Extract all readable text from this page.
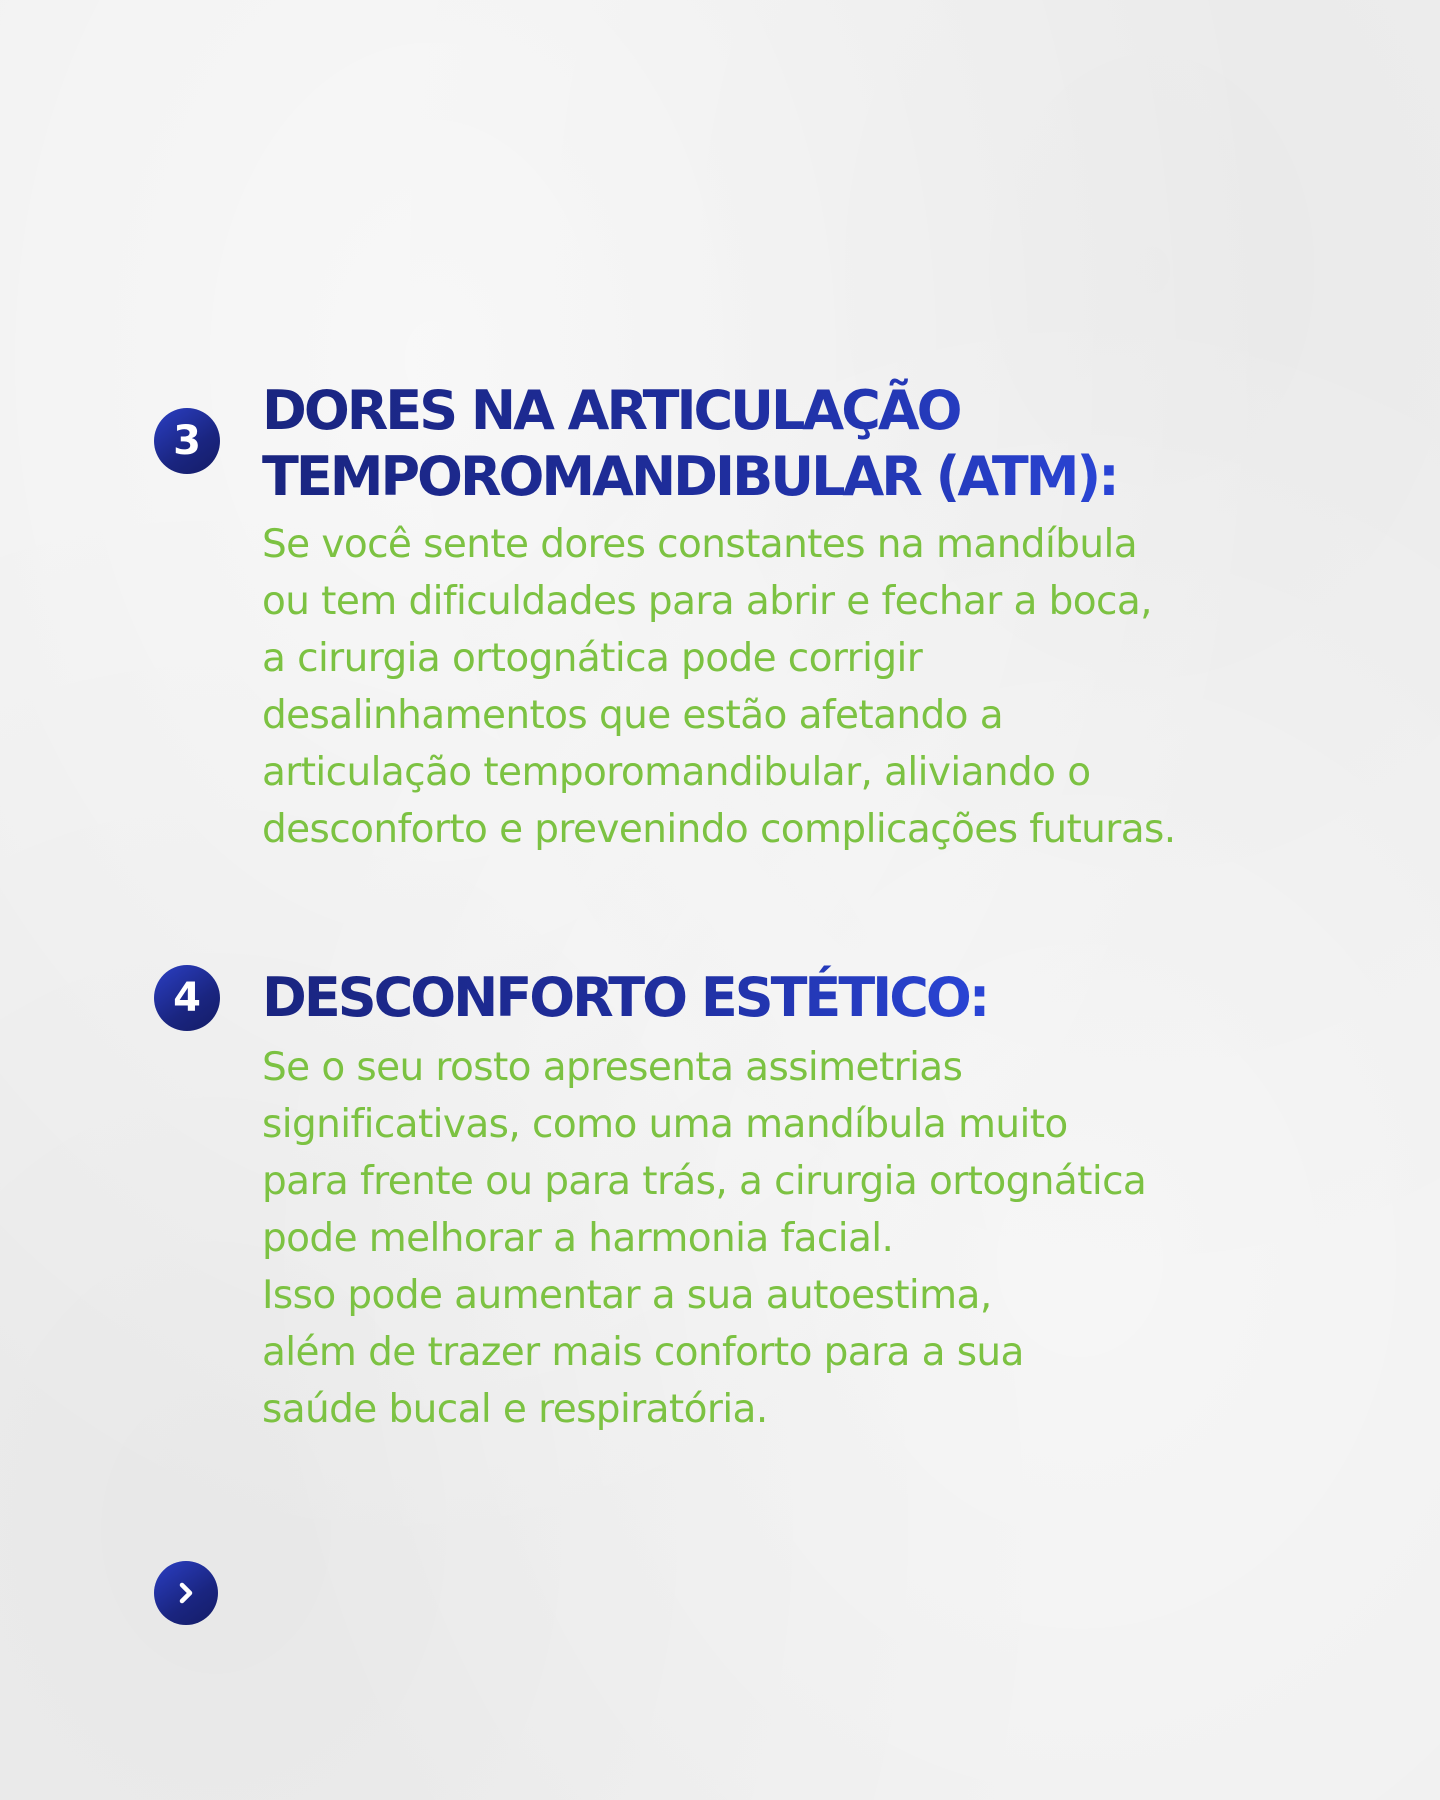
3 DORES NA ARTICULAÇÃO
TEMPOROMANDIBULAR (ATM):

Se você sente dores constantes na mandíbula
ou tem dificuldades para abrir e fechar a boca,
a cirurgia ortognática pode corrigir
desalinhamentos que estão afetando a
articulação temporomandibular, aliviando o
desconforto e prevenindo complicações futuras.

4 DESCONFORTO ESTÉTICO:

Se o seu rosto apresenta assimetrias
significativas, como uma mandíbula muito
para frente ou para trás, a cirurgia ortognática
pode melhorar a harmonia facial.
Isso pode aumentar a sua autoestima,
além de trazer mais conforto para a sua
saúde bucal e respiratória.
